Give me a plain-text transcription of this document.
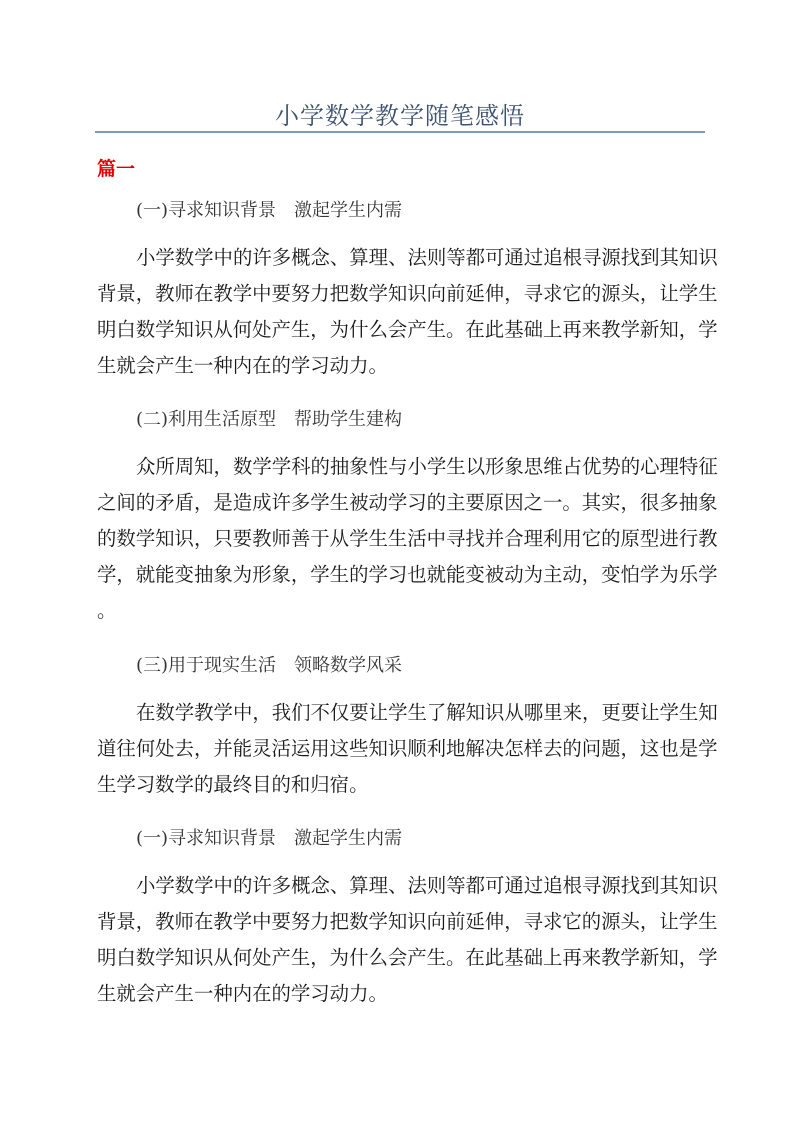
小学数学教学随笔感悟
篇一
(一)寻求知识背景　激起学生内需
小学数学中的许多概念、算理、法则等都可通过追根寻源找到其知识
背景，教师在教学中要努力把数学知识向前延伸，寻求它的源头，让学生
明白数学知识从何处产生，为什么会产生。在此基础上再来教学新知，学
生就会产生一种内在的学习动力。
(二)利用生活原型　帮助学生建构
众所周知，数学学科的抽象性与小学生以形象思维占优势的心理特征
之间的矛盾，是造成许多学生被动学习的主要原因之一。其实，很多抽象
的数学知识，只要教师善于从学生生活中寻找并合理利用它的原型进行教
学，就能变抽象为形象，学生的学习也就能变被动为主动，变怕学为乐学
。
(三)用于现实生活　领略数学风采
在数学教学中，我们不仅要让学生了解知识从哪里来，更要让学生知
道往何处去，并能灵活运用这些知识顺利地解决怎样去的问题，这也是学
生学习数学的最终目的和归宿。
(一)寻求知识背景　激起学生内需
小学数学中的许多概念、算理、法则等都可通过追根寻源找到其知识
背景，教师在教学中要努力把数学知识向前延伸，寻求它的源头，让学生
明白数学知识从何处产生，为什么会产生。在此基础上再来教学新知，学
生就会产生一种内在的学习动力。
